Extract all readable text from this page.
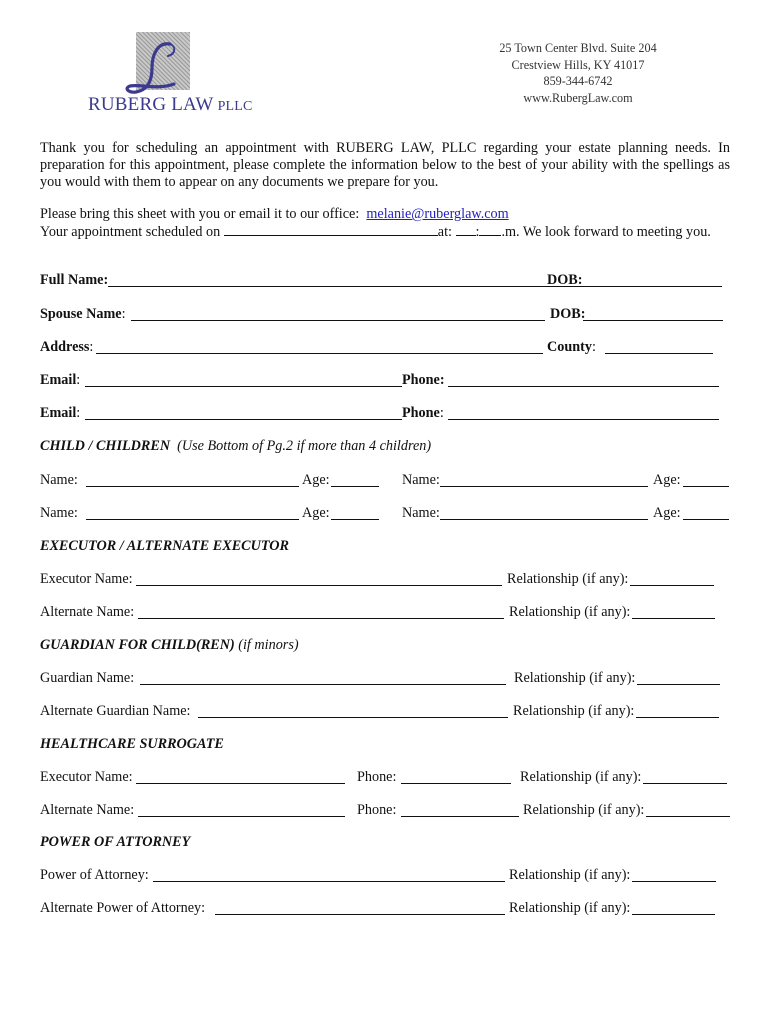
RUBERG LAW PLLC
25 Town Center Blvd. Suite 204
Crestview Hills, KY 41017
859-344-6742
www.RubergLaw.com
Thank you for scheduling an appointment with RUBERG LAW, PLLC regarding your estate planning needs. In preparation for this appointment, please complete the information below to the best of your ability with the spellings as you would with them to appear on any documents we prepare for you.
Please bring this sheet with you or email it to our office: melanie@ruberglaw.com
Your appointment scheduled on	at: : .m. We look forward to meeting you.
Full Name:	DOB:
Spouse Name:	DOB:
Address:	County:
Email:	Phone:
Email:	Phone:
CHILD / CHILDREN (Use Bottom of Pg.2 if more than 4 children)
Name:	Age:	Name:	Age:
Name:	Age:	Name:	Age:
EXECUTOR / ALTERNATE EXECUTOR
Executor Name:	Relationship (if any):
Alternate Name:	Relationship (if any):
GUARDIAN FOR CHILD(REN) (if minors)
Guardian Name:	Relationship (if any):
Alternate Guardian Name:	Relationship (if any):
HEALTHCARE SURROGATE
Executor Name:	Phone:	Relationship (if any):
Alternate Name:	Phone:	Relationship (if any):
POWER OF ATTORNEY
Power of Attorney:	Relationship (if any):
Alternate Power of Attorney:	Relationship (if any):
